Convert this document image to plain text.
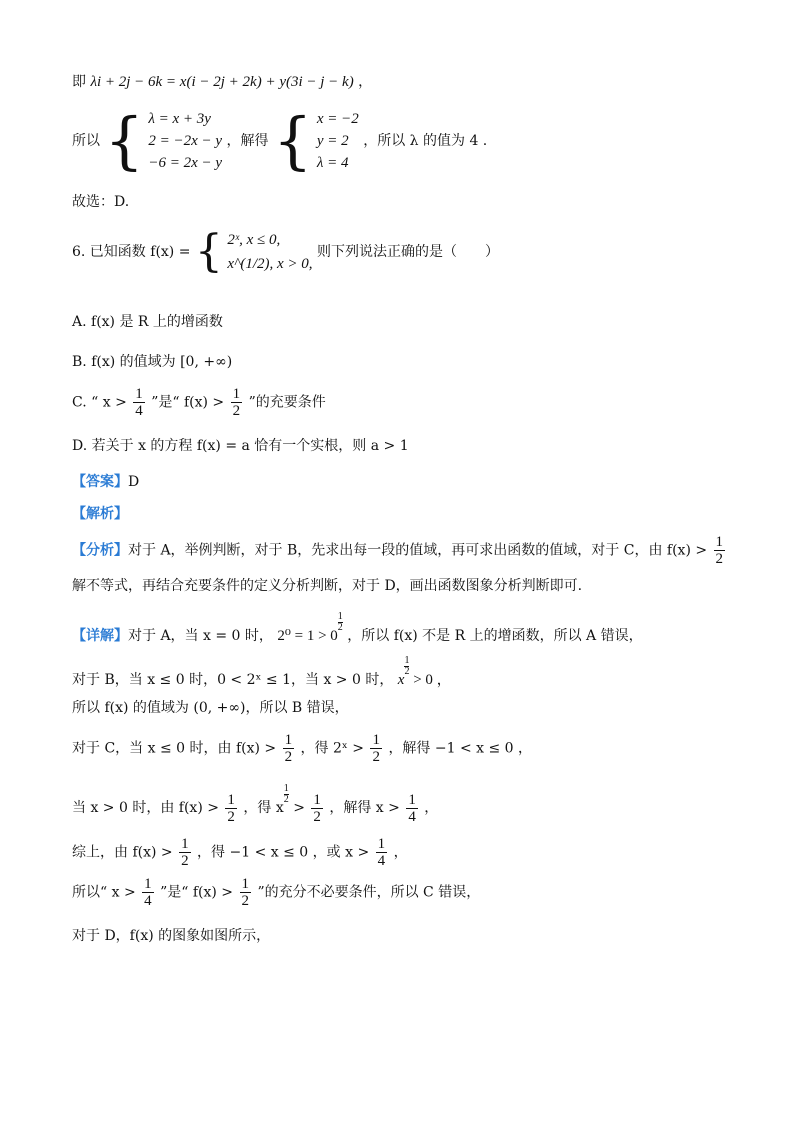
即 λi + 2j − 6k = x(i − 2j + 2k) + y(3i − j − k) ，
所以 { λ = x + 3y
2 = −2x − y
−6 = 2x − y
，解得 { x = −2
y = 2
λ = 4
，所以 λ 的值为 4 .
故选：D.
6. 已知函数 f(x) = { 2ˣ, x ≤ 0,
x^(1/2), x > 0,
则下列说法正确的是（　　）
A. f(x) 是 R 上的增函数
B. f(x) 的值域为 [0, +∞)
C. “ $x > \frac{1}{4}$ ”是“ $f(x) > \frac{1}{2}$ ”的充要条件
D. 若关于 x 的方程 f(x) = a 恰有一个实根，则 a > 1
【答案】D
【解析】
【分析】对于 A，举例判断，对于 B，先求出每一段的值域，再可求出函数的值域，对于 C，由 $f(x) > \frac{1}{2}$
解不等式，再结合充要条件的定义分析判断，对于 D，画出函数图象分析判断即可.
【详解】对于 A，当 x = 0 时， 2⁰ = 1 > 0
$\frac{1}{2}$ ，所以 f(x) 不是 R 上的增函数，所以 A 错误，
对于 B，当 x ≤ 0 时，0 < 2ˣ ≤ 1，当 x > 0 时， x
$\frac{1}{2} > 0$ ，
所以 f(x) 的值域为 (0, +∞)，所以 B 错误，
对于 C，当 x ≤ 0 时，由 $f(x) > \frac{1}{2}$ ，得 2ˣ > $\frac{1}{2}$ ，解得 −1 < x ≤ 0 ，
当 x > 0 时，由 $f(x) > \frac{1}{2}$ ，得 x
$\frac{1}{2} > \frac{1}{2}$ ，解得 $x > \frac{1}{4}$ ，
综上，由 $f(x) > \frac{1}{2}$ ，得 −1 < x ≤ 0 ，或 $x > \frac{1}{4}$ ，
所以“ $x > \frac{1}{4}$ ”是“ $f(x) > \frac{1}{2}$ ”的充分不必要条件，所以 C 错误，
对于 D，f(x) 的图象如图所示，
